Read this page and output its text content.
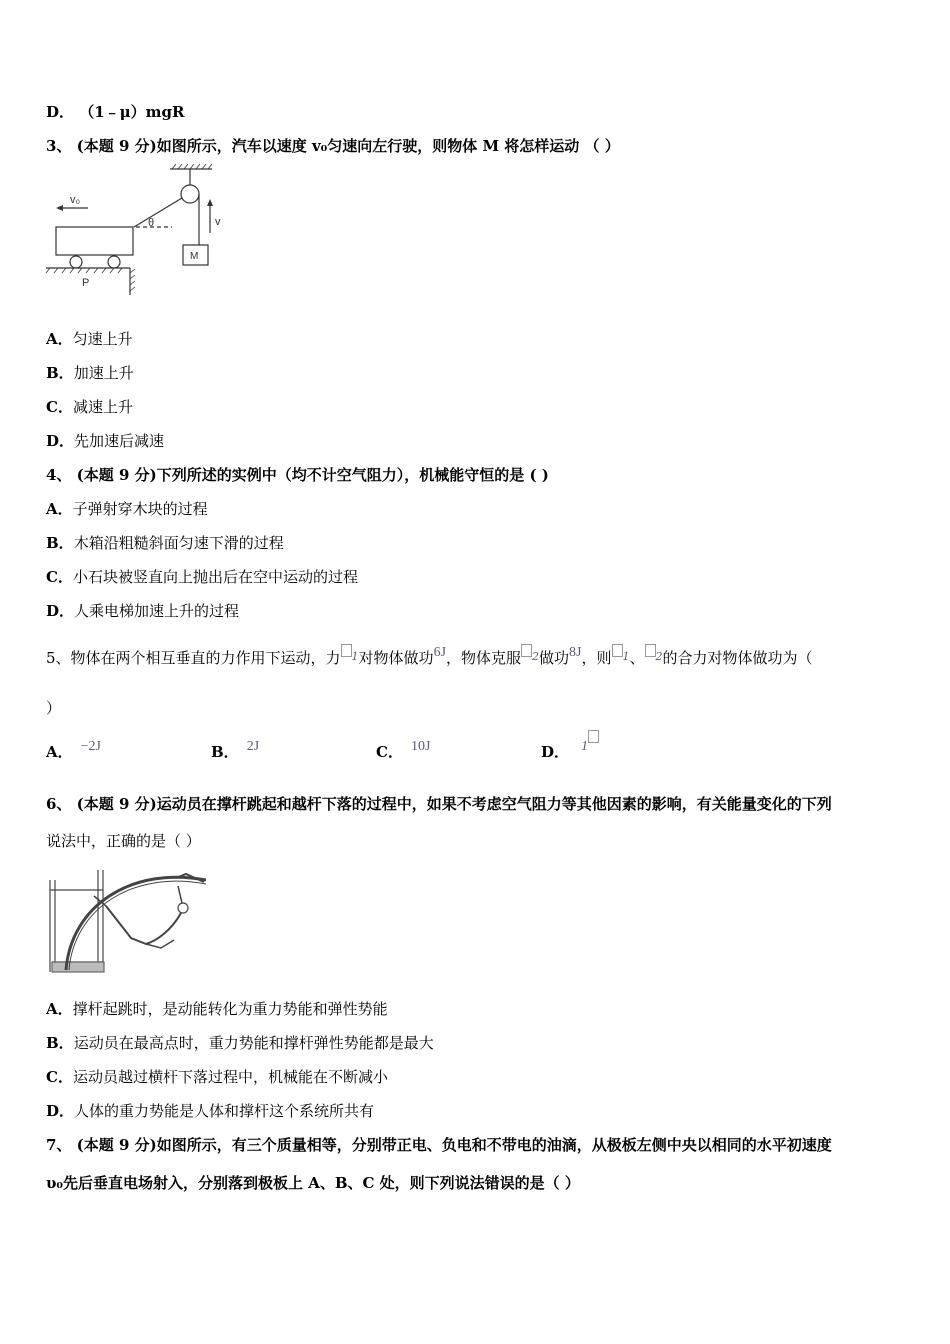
D． （1﹣μ）mgR
3、 (本题 9 分)如图所示，汽车以速度 v₀匀速向左行驶，则物体 M 将怎样运动 （ ）
v₀
θ	v
M
P
A．匀速上升
B．加速上升
C．减速上升
D．先加速后减速
4、 (本题 9 分)下列所述的实例中（均不计空气阻力），机械能守恒的是 ( )
A．子弹射穿木块的过程
B．木箱沿粗糙斜面匀速下滑的过程
C．小石块被竖直向上抛出后在空中运动的过程
D．人乘电梯加速上升的过程
5、物体在两个相互垂直的力作用下运动，力 $^1$对物体做功6J，物体克服 $^2$做功8J，则 $^1$、 $^2$的合力对物体做功为（
）
A． −2J	B． 2J	C． 10J	D． 1
6、 (本题 9 分)运动员在撑杆跳起和越杆下落的过程中，如果不考虑空气阻力等其他因素的影响，有关能量变化的下列
说法中，正确的是（ ）
A．撑杆起跳时，是动能转化为重力势能和弹性势能
B．运动员在最高点时，重力势能和撑杆弹性势能都是最大
C．运动员越过横杆下落过程中，机械能在不断减小
D．人体的重力势能是人体和撑杆这个系统所共有
7、 (本题 9 分)如图所示，有三个质量相等，分别带正电、负电和不带电的油滴，从极板左侧中央以相同的水平初速度
υ₀先后垂直电场射入，分别落到极板上 A、B、C 处，则下列说法错误的是（ ）
